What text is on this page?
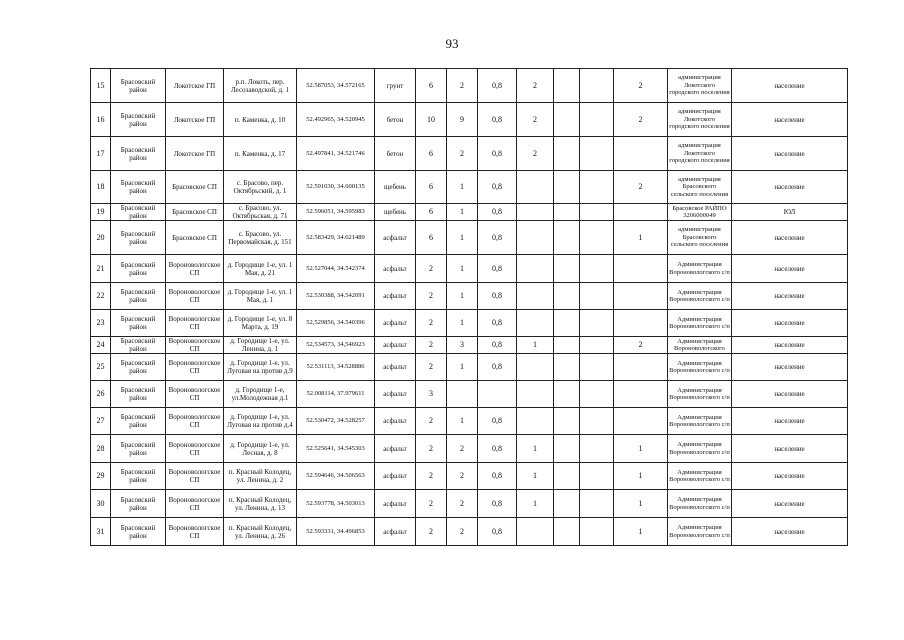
93
15	Брасовский район	Локотское ГП	р.п. Локоть, пер. Лесозаводской, д. 1	52.587053, 34.572165	грунт	6	2	0,8	2			2	администрация Локотского городского поселения	население
16	Брасовский район	Локотское ГП	п. Каменка, д. 10	52.492965, 34.520945	бетон	10	9	0,8	2			2	администрация Локотского городского поселения	население
17	Брасовский район	Локотское ГП	п. Каменка, д. 17	52.497841, 34.521746	бетон	6	2	0,8	2				администрация Локотского городского поселения	население
18	Брасовский район	Брасовское СП	с. Брасово, пер. Октябрьский, д. 1	52.591030, 34.600135	щебень	6	1	0,8				2	администрация Брасовского сельского поселения	население
19	Брасовский район	Брасовское СП	с. Брасово, ул. Октябрьская, д. 71	52.596051, 34.595983	щебень	6	1	0,8					Брасовское РАЙПО 3206000049	ЮЛ
20	Брасовский район	Брасовское СП	с. Брасово, ул. Первомайская, д. 151	52.583429, 34.621489	асфальт	6	1	0,8				1	администрация Брасовского сельского поселения	население
21	Брасовский район	Вороновологское СП	д. Городище 1-е, ул. 1 Мая, д. 21	52.527044, 34.542374	асфальт	2	1	0,8					Администрация Вороновологского с/п	население
22	Брасовский район	Вороновологское СП	д. Городище 1-е, ул. 1 Мая, д. 1	52.530388, 34.542091	асфальт	2	1	0,8					Администрация Вороновологского с/п	население
23	Брасовский район	Вороновологское СП	д. Городище 1-е, ул. 8 Марта, д. 19	52,529856, 34.540396	асфальт	2	1	0,8					Администрация Вороновологского с/п	население
24	Брасовский район	Вороновологское СП	д. Городище 1-е, ул. Ленина, д. 1	52,534573, 34,546923	асфальт	2	3	0,8	1			2	Администрация Вороновологского	население
25	Брасовский район	Вороновологское СП	д. Городище 1-е, ул. Луговая на против д.9	52.531113, 34.528886	асфальт	2	1	0,8					Администрация Вороновологского с/п	население
26	Брасовский район	Вороновологское СП	д. Городище 1-е, ул.Молодежная д.1	52.008114, 37.979611	асфальт	3							Администрация Вороновологского с/п	население
27	Брасовский район	Вороновологское СП	д. Городище 1-е, ул. Луговая на против д.4	52.530472, 34.528257	асфальт	2	1	0,8					Администрация Вороновологского с/п	население
28	Брасовский район	Вороновологское СП	д. Городище 1-е, ул. Лесная, д. 8	52.525641, 34.545303	асфальт	2	2	0,8	1			1	Администрация Вороновологского с/п	население
29	Брасовский район	Вороновологское СП	п. Красный Колодец, ул. Ленина, д. 2	52.594646, 34.506563	асфальт	2	2	0,8	1			1	Администрация Вороновологского с/п	население
30	Брасовский район	Вороновологское СП	п. Красный Колодец, ул. Ленина, д. 13	52.593778, 34.503013	асфальт	2	2	0,8	1			1	Администрация Вороновологского с/п	население
31	Брасовский район	Вороновологское СП	п. Красный Колодец, ул. Ленина, д. 26	52.593331, 34.496853	асфальт	2	2	0,8				1	Администрация Вороновологского с/п	население
